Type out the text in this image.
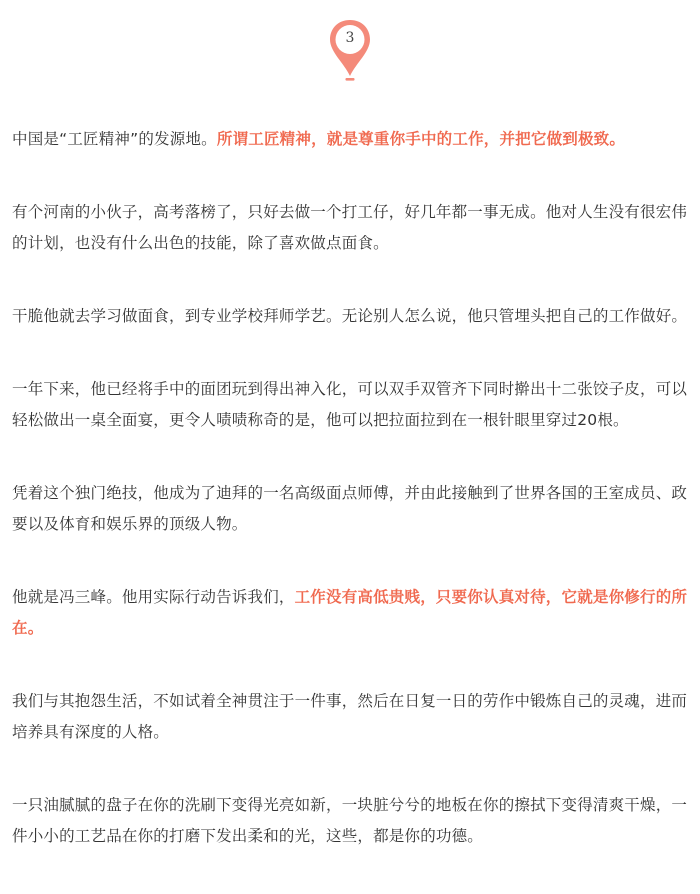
3

中国是“工匠精神”的发源地。所谓工匠精神，就是尊重你手中的工作，并把它做到极致。

有个河南的小伙子，高考落榜了，只好去做一个打工仔，好几年都一事无成。他对人生没有很宏伟的计划，也没有什么出色的技能，除了喜欢做点面食。

干脆他就去学习做面食，到专业学校拜师学艺。无论别人怎么说，他只管埋头把自己的工作做好。

一年下来，他已经将手中的面团玩到得出神入化，可以双手双管齐下同时擀出十二张饺子皮，可以轻松做出一桌全面宴，更令人啧啧称奇的是，他可以把拉面拉到在一根针眼里穿过20根。

凭着这个独门绝技，他成为了迪拜的一名高级面点师傅，并由此接触到了世界各国的王室成员、政要以及体育和娱乐界的顶级人物。

他就是冯三峰。他用实际行动告诉我们，工作没有高低贵贱，只要你认真对待，它就是你修行的所在。

我们与其抱怨生活，不如试着全神贯注于一件事，然后在日复一日的劳作中锻炼自己的灵魂，进而培养具有深度的人格。

一只油腻腻的盘子在你的洗刷下变得光亮如新，一块脏兮兮的地板在你的擦拭下变得清爽干燥，一件小小的工艺品在你的打磨下发出柔和的光，这些，都是你的功德。
